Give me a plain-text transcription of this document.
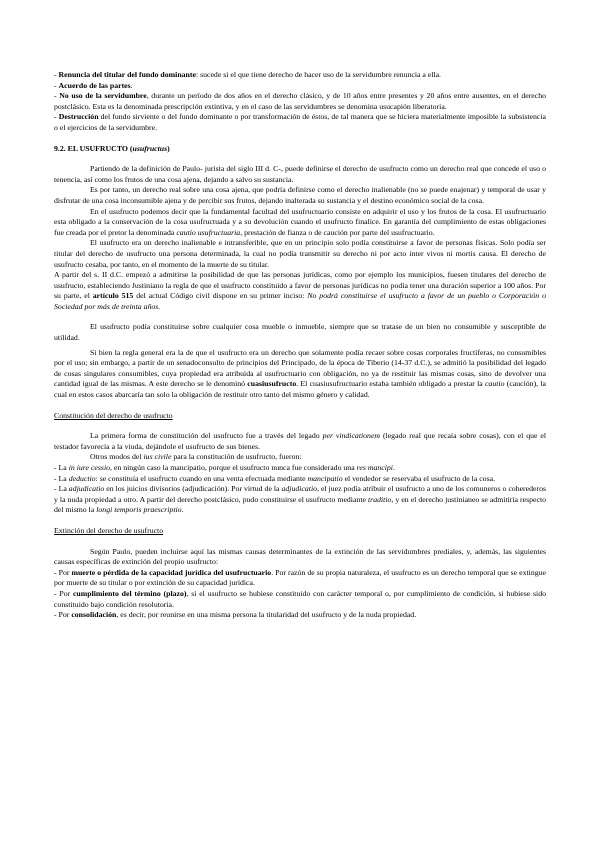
- Renuncia del titular del fundo dominante: sucede si el que tiene derecho de hacer uso de la servidumbre renuncia a ella.

- Acuerdo de las partes.

- No uso de la servidumbre, durante un período de dos años en el derecho clásico, y de 10 años entre presentes y 20 años entre ausentes, en el derecho postclásico. Esta es la denominada prescripción extintiva, y en el caso de las servidumbres se denomina usucapión liberatoria.

- Destrucción del fundo sirviente o del fundo dominante o por transformación de éstos, de tal manera que se hiciera materialmente imposible la subsistencia o el ejercicios de la servidumbre.

9.2. EL USUFRUCTO (usufructus)

Partiendo de la definición de Paulo- jurista del siglo III d. C-, puede definirse el derecho de usufructo como un derecho real que concede el uso o tenencia, así como los frutos de una cosa ajena, dejando a salvo su sustancia.

Es por tanto, un derecho real sobre una cosa ajena, que podría definirse como el derecho inalienable (no se puede enajenar) y temporal de usar y disfrutar de una cosa inconsumible ajena y de percibir sus frutos, dejando inalterada su sustancia y el destino económico social de la cosa.

En el usufructo podemos decir que la fundamental facultad del usufructuario consiste en adquirir el uso y los frutos de la cosa. El usufructuario esta obligado a la conservación de la cosa usufructuada y a su devolución cuando el usufructo finalice. En garantía del cumplimiento de estas obligaciones fue creada por el pretor la denominada cautio usufructuaria, prestación de fianza o de caución por parte del usufructuario.

El usufructo era un derecho inalienable e intransferible, que en un principio solo podía constituirse a favor de personas físicas. Solo podía ser titular del derecho de usufructo una persona determinada, la cual no podía transmitir su derecho ni por acto inter vivos ni mortis causa. El derecho de usufructo cesaba, por tanto, en el momento de la muerte de su titular.

A partir del s. II d.C. empezó a admitirse la posibilidad de que las personas jurídicas, como por ejemplo los municipios, fuesen titulares del derecho de usufructo, estableciendo Justiniano la regla de que el usufructo constituido a favor de personas jurídicas no podía tener una duración superior a 100 años. Por su parte, el artículo 515 del actual Código civil dispone en su primer inciso: No podrá constituirse el usufructo a favor de un pueblo o Corporación o Sociedad por más de treinta años.

El usufructo podía constituirse sobre cualquier cosa mueble o inmueble, siempre que se tratase de un bien no consumible y susceptible de utilidad.

Si bien la regla general era la de que el usufructo era un derecho que solamente podía recaer sobre cosas corporales fructíferas, no consumibles por el uso; sin embargo, a partir de un senadoconsulto de principios del Principado, de la época de Tiberio (14-37 d.C.), se admitió la posibilidad del legado de cosas singulares consumibles, cuya propiedad era atribuida al usufructuario con obligación, no ya de restituir las mismas cosas, sino de devolver una cantidad igual de las mismas. A este derecho se le denominó cuasiusufructo. El cuasiusufructuario estaba también obligado a prestar la cautio (caución), la cual en estos casos abarcaría tan solo la obligación de restituir otro tanto del mismo género y calidad.

Constitución del derecho de usufructo

La primera forma de constitución del usufructo fue a través del legado per vindicationem (legado real que recaía sobre cosas), con el que el testador favorecía a la viuda, dejándole el usufructo de sus bienes.

Otros modos del ius civile para la constitución de usufructo, fueron:

- La in iure cessio, en ningún caso la mancipatio, porque el usufructo nunca fue considerado una res mancipi.

- La deductio: se constituía el usufructo cuando en una venta efectuada mediante mancipatio el vendedor se reservaba el usufructo de la cosa.

- La adjudicatio en los juicios divisorios (adjudicación). Por virtud de la adjudicatio, el juez podía atribuir el usufructo a uno de los comuneros o coherederos y la nuda propiedad a otro. A partir del derecho postclásico, pudo constituirse el usufructo mediante traditio, y en el derecho justinianeo se admitiría respecto del mismo la longi temporis praescriptio.

Extinción del derecho de usufructo

Según Paulo, pueden incluirse aquí las mismas causas determinantes de la extinción de las servidumbres prediales, y, además, las siguientes causas específicas de extinción del propio usufructo:

- Por muerte o pérdida de la capacidad jurídica del usufructuario. Por razón de su propia naturaleza, el usufructo es un derecho temporal que se extingue por muerte de su titular o por extinción de su capacidad jurídica.

- Por cumplimiento del término (plazo), si el usufructo se hubiese constituido con carácter temporal o, por cumplimiento de condición, si hubiese sido constituido bajo condición resolutoria.

- Por consolidación, es decir, por reunirse en una misma persona la titularidad del usufructo y de la nuda propiedad.
